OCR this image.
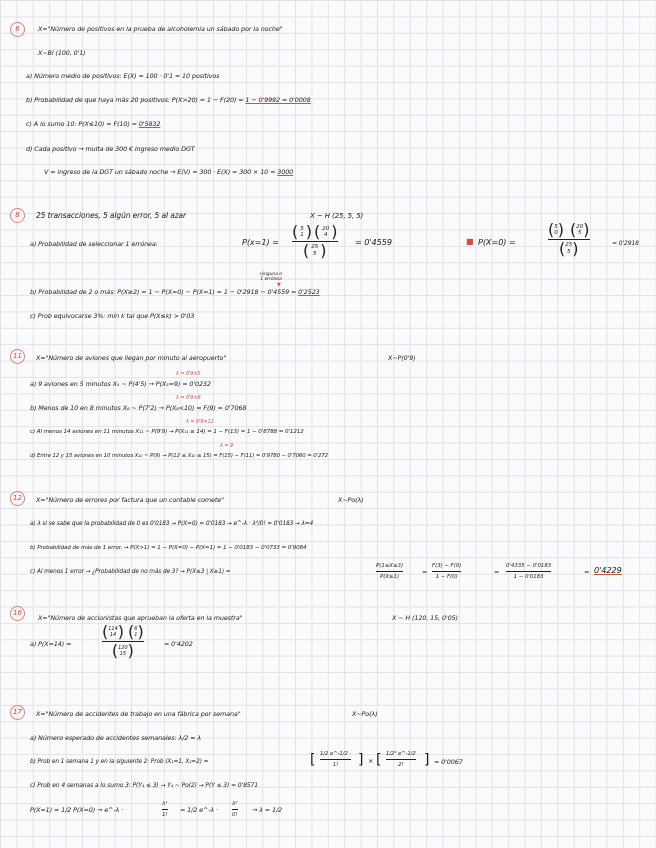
6	X="Número de positivos en la prueba de alcoholemia un sábado por la noche"
X~Bi (100, 0'1)
a) Número medio de positivos: E(X) = 100 · 0'1 = 10 positivos
b) Probabilidad de que haya más 20 positivos: P(X>20) = 1 − F(20) = 1 − 0'9992 = 0'0008
c) A lo sumo 10: P(X≤10) = F(10) = 0'5832
d) Cada positivo → multa de 300 € ingreso medio DGT
V = ingreso de la DGT un sábado noche → E(V) = 300 · E(X) = 300 × 10 = 3000
8	25 transacciones, 5 algún error, 5 al azar	X ~ H (25, 5, 5)
a) Probabilidad de seleccionar 1 errónea:	P(x=1) =
( 5
1 ) ( 20
4 )
( 25
5 )	= 0'4559	■ P(X=0) =
( 5
0 ) ( 20
5 )
( 25
5 )	= 0'2918
ninguna o 1 errónea
▼
b) Probabilidad de 2 o más: P(X≥2) = 1 − P(X=0) − P(X=1) = 1 − 0'2918 − 0'4559 = 0'2523
c) Prob equivocarse 3%: mín k tal que P(X≤k) > 0'03
11	X="Número de aviones que llegan por minuto al aeropuerto"	X~P(0'9)
λ = 0'9×5
a) 9 aviones en 5 minutos X₅ ~ P(4'5) → P(X₅=9) = 0'0232
λ = 0'9×8
b) Menos de 10 en 8 minutos X₈ ~ P(7'2) → P(X₈<10) = F(9) = 0'7068
λ = 0'9×11
c) Al menos 14 aviones en 11 minutos X₁₁ ~ P(9'9) → P(X₁₁ ≥ 14) = 1 − F(13) = 1 − 0'8788 = 0'1212
λ = 9
d) Entre 12 y 15 aviones en 10 minutos X₁₀ ~ P(9) → P(12 ≤ X₁₀ ≤ 15) = F(15) − F(11) = 0'9780 − 0'7060 = 0'272
12	X="Número de errores por factura que un contable comete"	X~Po(λ)
a) λ si se sabe que la probabilidad de 0 es 0'0183 → P(X=0) = 0'0183 → e^-λ · λ⁰/0! = 0'0183 → λ=4
b) Probabilidad de más de 1 error. → P(X>1) = 1 − P(X=0) − P(X=1) = 1 − 0'0183 − 0'0733 = 0'9084
c) Al menos 1 error → ¿Probabilidad de no más de 3? → P(X≤3 | X≥1) =
P(1≤X≤3)
P(X≥1)
=
F(3) − F(0)
1 − F(0)
=
0'4335 − 0'0183
1 − 0'0183
= 0'4229
16
X="Número de accionistas que aprueban la oferta en la muestra"	X ~ H (120, 15, 0'05)
a) P(X=14) =
( 114
14 ) ( 6
1 )
( 120
15 )	= 0'4202
17	X="Número de accidentes de trabajo en una fábrica por semana"	X~Po(λ)
a) Número esperado de accidentes semanales: λ/2 = λ
b) Prob en 1 semana 1 y en la siguiente 2: Prob (X₁=1, X₂=2) =	[ 1/2 e^-1/2 ·
1! ] × [ 1/2² e^-1/2
2! ] = 0'0067
c) Prob en 4 semanas a lo sumo 3: P(Y₄ ≤ 3) → Y₄ ~ Po(2) → P(Y ≤ 3) = 0'8571
P(X=1) = 1/2 P(X=0) → e^-λ ·
λ¹
1!
= 1/2 e^-λ ·
λ⁰
0!
→ λ = 1/2
